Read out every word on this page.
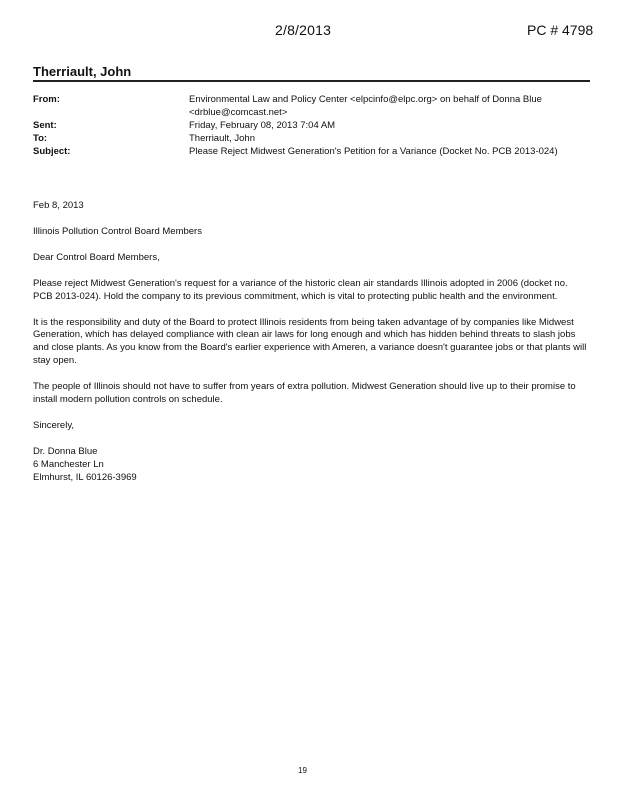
2/8/2013	PC # 4798
Therriault, John
From:	Environmental Law and Policy Center <elpcinfo@elpc.org> on behalf of Donna Blue <drblue@comcast.net>
Sent:	Friday, February 08, 2013 7:04 AM
To:	Therriault, John
Subject:	Please Reject Midwest Generation's Petition for a Variance (Docket No. PCB 2013-024)

Feb 8, 2013

Illinois Pollution Control Board Members

Dear Control Board Members,

Please reject Midwest Generation's request for a variance of the historic clean air standards Illinois adopted in 2006 (docket no. PCB 2013-024). Hold the company to its previous commitment, which is vital to protecting public health and the environment.

It is the responsibility and duty of the Board to protect Illinois residents from being taken advantage of by companies like Midwest Generation, which has delayed compliance with clean air laws for long enough and which has hidden behind threats to slash jobs and close plants. As you know from the Board's earlier experience with Ameren, a variance doesn't guarantee jobs or that plants will stay open.

The people of Illinois should not have to suffer from years of extra pollution. Midwest Generation should live up to their promise to install modern pollution controls on schedule.

Sincerely,

Dr. Donna Blue

6 Manchester Ln

Elmhurst, IL 60126-3969

19
